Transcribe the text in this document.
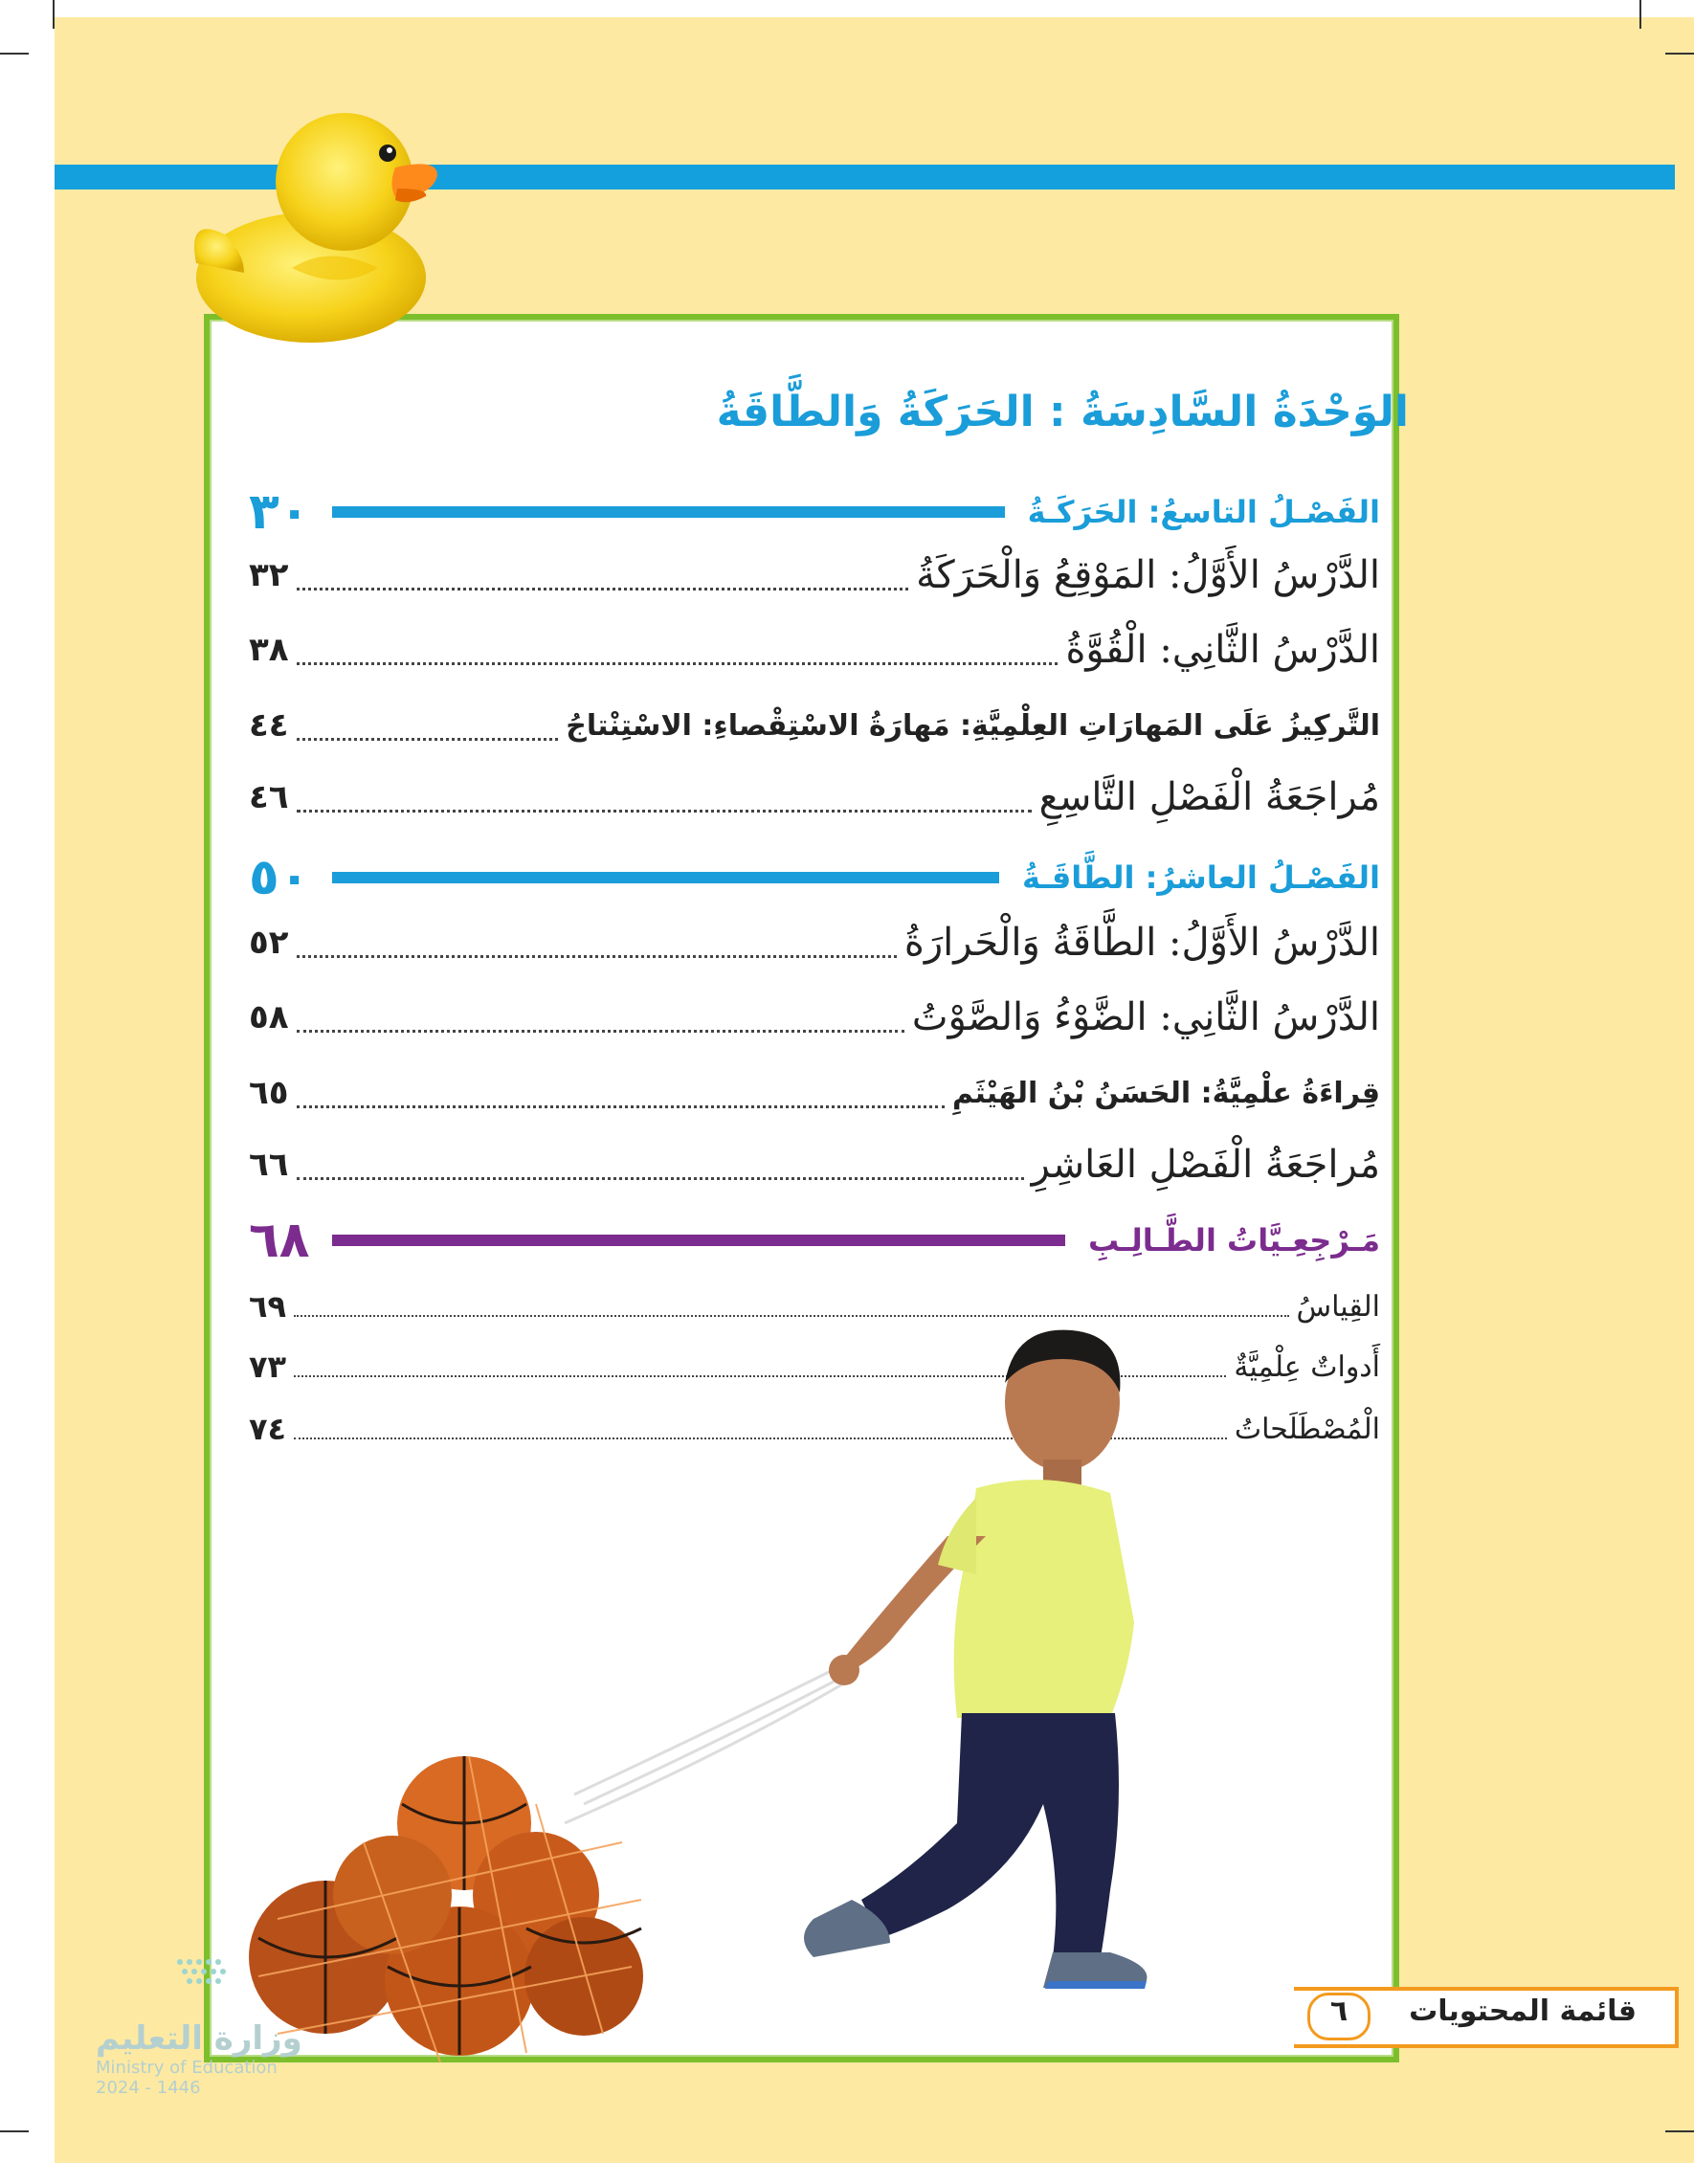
الوَحْدَةُ السَّادِسَةُ : الحَرَكَةُ وَالطَّاقَةُ
الفَصْـلُ التاسعُ: الحَرَكَـةُ
٣٠
الدَّرْسُ الأَوَّلُ: المَوْقِعُ وَالْحَرَكَةُ
٣٢
الدَّرْسُ الثَّانِي: الْقُوَّةُ
٣٨
التَّركِيزُ عَلَى المَهارَاتِ العِلْمِيَّةِ: مَهارَةُ الاسْتِقْصاءِ: الاسْتِنْتاجُ
٤٤
مُراجَعَةُ الْفَصْلِ التَّاسِعِ
٤٦
الفَصْـلُ العاشرُ: الطَّاقَـةُ
٥٠
الدَّرْسُ الأَوَّلُ: الطَّاقَةُ وَالْحَرارَةُ
٥٢
الدَّرْسُ الثَّانِي: الضَّوْءُ وَالصَّوْتُ
٥٨
قِراءَةُ علْمِيَّةُ: الحَسَنُ بْنُ الهَيْثَمِ
٦٥
مُراجَعَةُ الْفَصْلِ العَاشِرِ
٦٦
مَـرْجِعِـيَّاتُ الطَّـالِـبِ
٦٨
القِياسُ
٦٩
أَدواتٌ عِلْمِيَّةٌ
٧٣
الْمُصْطَلَحاتُ
٧٤
قائمة المحتويات
٦
وزارة التعليم
Ministry of Education
2024 - 1446
